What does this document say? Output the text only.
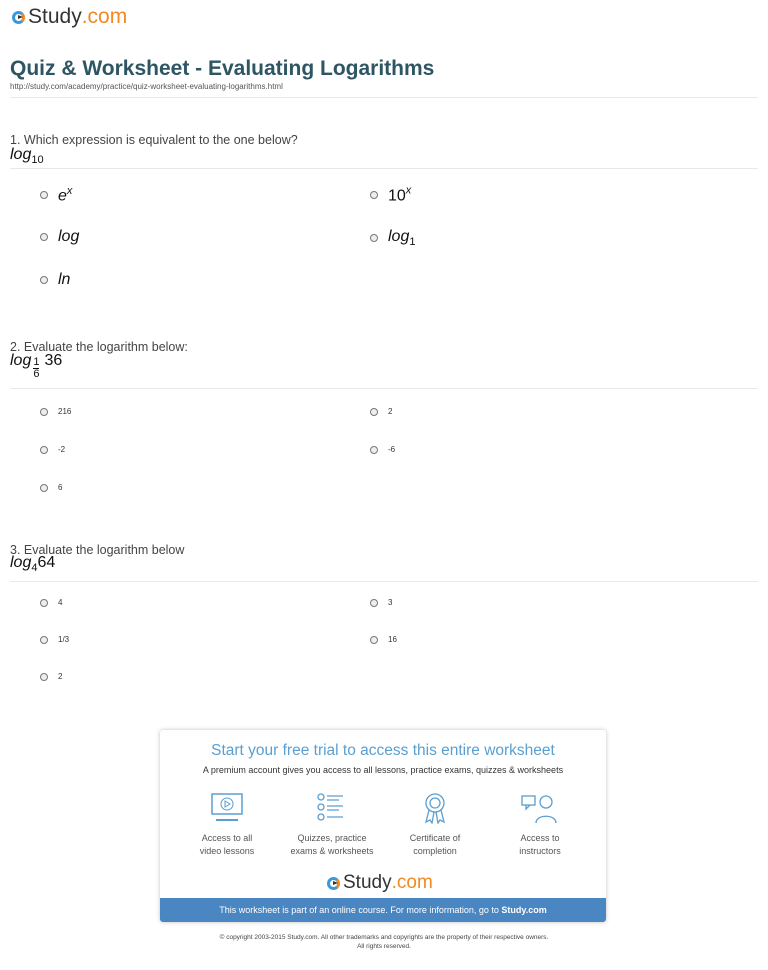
Study .com
Quiz & Worksheet - Evaluating Logarithms
http://study.com/academy/practice/quiz-worksheet-evaluating-logarithms.html
1. Which expression is equivalent to the one below?
$\log_{10}$
$e^x$	10$^x$
log	$\log_1$
ln
2. Evaluate the logarithm below:
log 1
6
36
216	2
-2	-6
6
3. Evaluate the logarithm below
$\log_464$
4	3
1/3	16
2
Start your free trial to access this entire worksheet
A premium account gives you access to all lessons, practice exams, quizzes & worksheets
Access to all
video lessons
Quizzes, practice
exams & worksheets
Certificate of
completion
Access to
instructors
Study .com
This worksheet is part of an online course. For more information, go to Study.com
© copyright 2003-2015 Study.com. All other trademarks and copyrights are the property of their respective owners.
All rights reserved.
